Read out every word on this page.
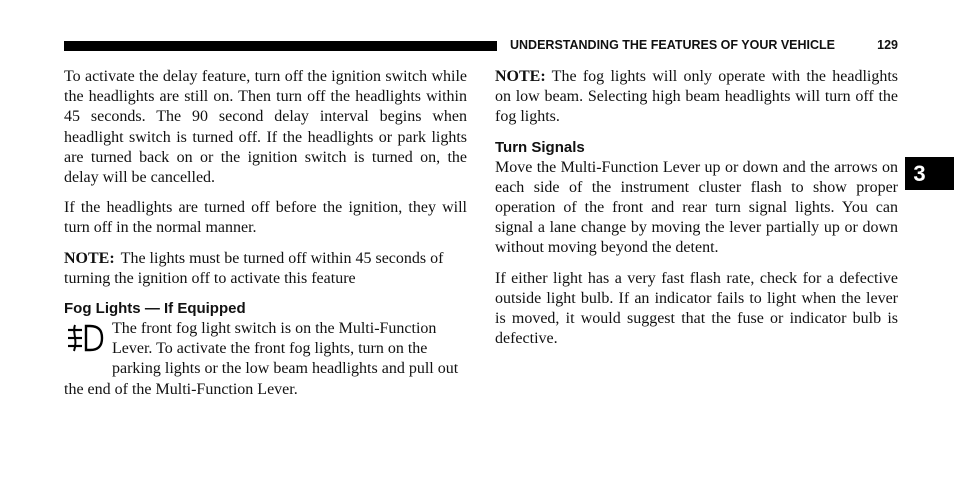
UNDERSTANDING THE FEATURES OF YOUR VEHICLE	129

To activate the delay feature, turn off the ignition switch while the headlights are still on. Then turn off the headlights within 45 seconds. The 90 second delay interval begins when headlight switch is turned off. If the headlights or park lights are turned back on or the ignition switch is turned on, the delay will be cancelled.

If the headlights are turned off before the ignition, they will turn off in the normal manner.

NOTE: The lights must be turned off within 45 seconds of turning the ignition off to activate this feature

Fog Lights — If Equipped

The front fog light switch is on the Multi-Function Lever. To activate the front fog lights, turn on the parking lights or the low beam headlights and pull out the end of the Multi-Function Lever.

NOTE: The fog lights will only operate with the headlights on low beam. Selecting high beam headlights will turn off the fog lights.

Turn Signals

Move the Multi-Function Lever up or down and the arrows on each side of the instrument cluster flash to show proper operation of the front and rear turn signal lights. You can signal a lane change by moving the lever partially up or down without moving beyond the detent.

If either light has a very fast flash rate, check for a defective outside light bulb. If an indicator fails to light when the lever is moved, it would suggest that the fuse or indicator bulb is defective.

3
